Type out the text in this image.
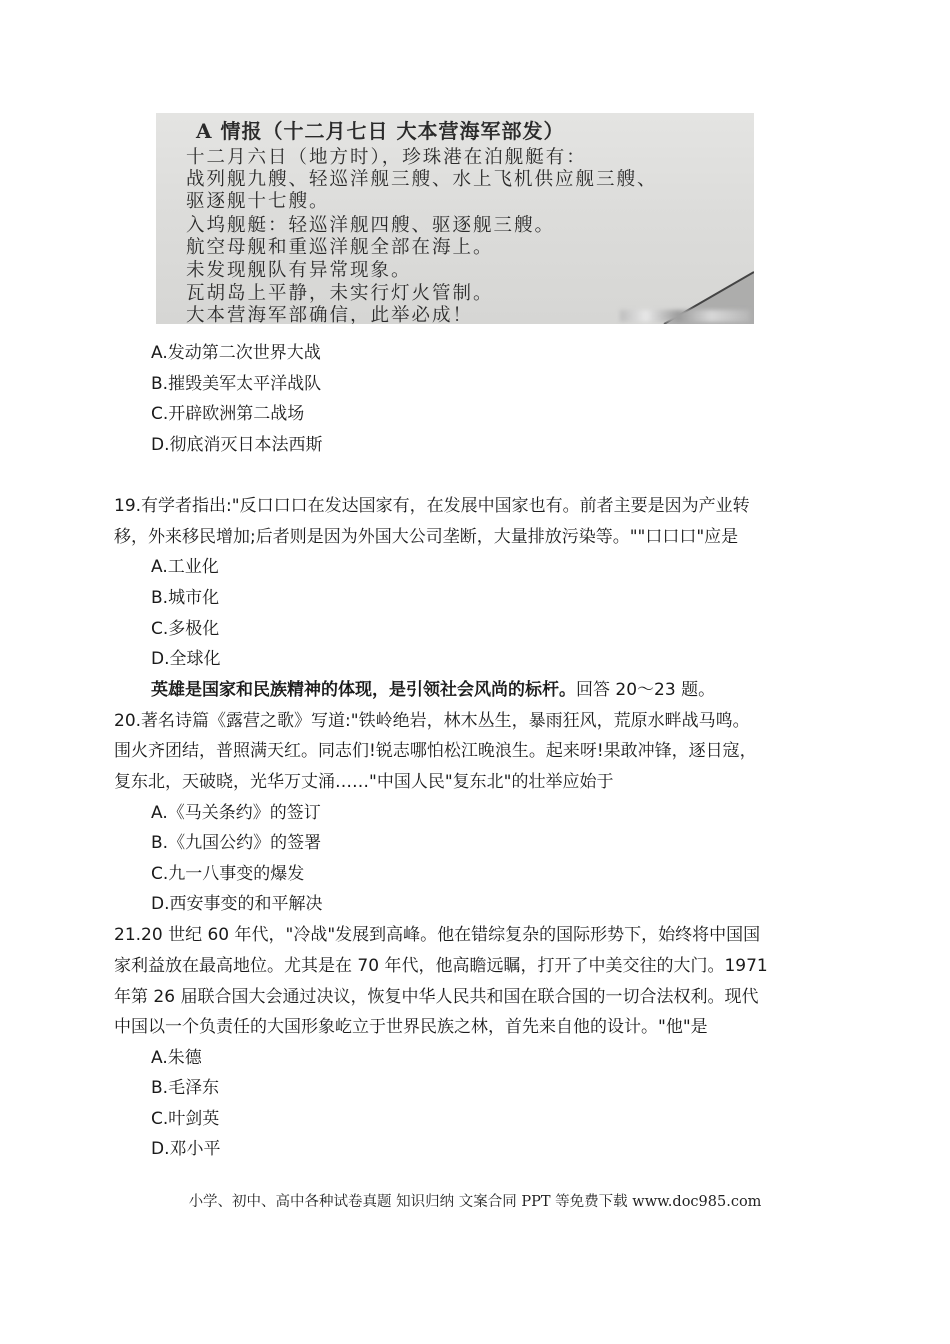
A 情报（十二月七日 大本营海军部发）
十二月六日（地方时），珍珠港在泊舰艇有：
战列舰九艘、轻巡洋舰三艘、水上飞机供应舰三艘、
驱逐舰十七艘。
入坞舰艇：轻巡洋舰四艘、驱逐舰三艘。
航空母舰和重巡洋舰全部在海上。
未发现舰队有异常现象。
瓦胡岛上平静，未实行灯火管制。
大本营海军部确信，此举必成！
A.发动第二次世界大战
B.摧毁美军太平洋战队
C.开辟欧洲第二战场
D.彻底消灭日本法西斯
19.有学者指出:"反口口口在发达国家有，在发展中国家也有。前者主要是因为产业转
移，外来移民增加;后者则是因为外国大公司垄断，大量排放污染等。""口口口"应是
A.工业化
B.城市化
C.多极化
D.全球化
英雄是国家和民族精神的体现，是引领社会风尚的标杆。回答 20～23 题。
20.著名诗篇《露营之歌》写道:"铁岭绝岩，林木丛生，暴雨狂风，荒原水畔战马鸣。
围火齐团结，普照满天红。同志们!锐志哪怕松江晚浪生。起来呀!果敢冲锋，逐日寇，
复东北，天破晓，光华万丈涌……"中国人民"复东北"的壮举应始于
A.《马关条约》的签订
B.《九国公约》的签署
C.九一八事变的爆发
D.西安事变的和平解决
21.20 世纪 60 年代，"冷战"发展到高峰。他在错综复杂的国际形势下，始终将中国国
家利益放在最高地位。尤其是在 70 年代，他高瞻远瞩，打开了中美交往的大门。1971
年第 26 届联合国大会通过决议，恢复中华人民共和国在联合国的一切合法权利。现代
中国以一个负责任的大国形象屹立于世界民族之林，首先来自他的设计。"他"是
A.朱德
B.毛泽东
C.叶剑英
D.邓小平
小学、初中、高中各种试卷真题 知识归纳 文案合同 PPT 等免费下载 www.doc985.com
